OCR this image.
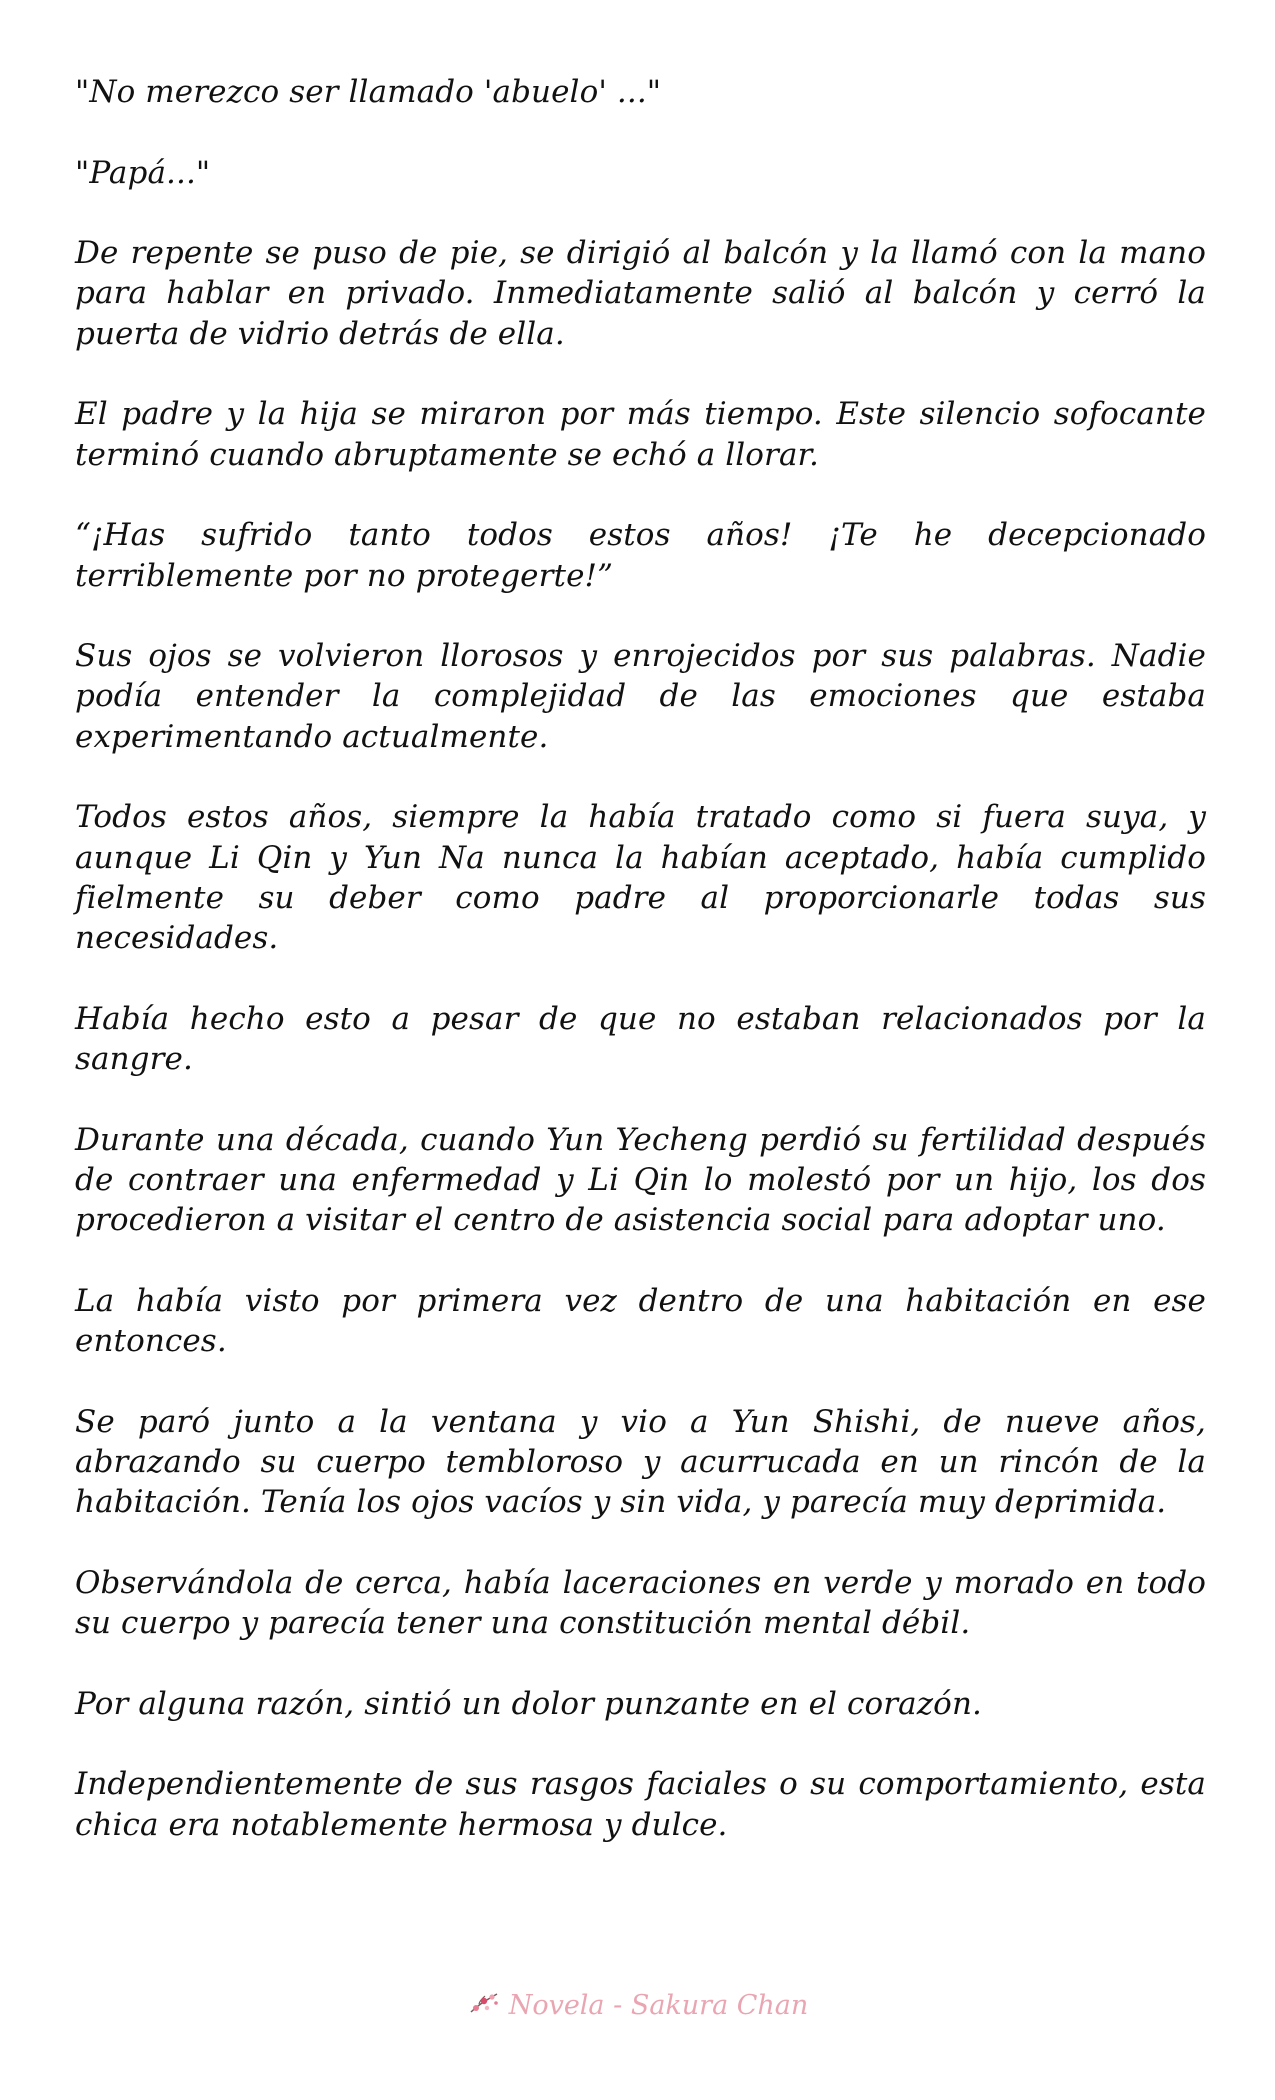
"No merezco ser llamado 'abuelo' ..."

"Papá..."

De repente se puso de pie, se dirigió al balcón y la llamó con la mano para hablar en privado. Inmediatamente salió al balcón y cerró la puerta de vidrio detrás de ella.

El padre y la hija se miraron por más tiempo. Este silencio sofocante terminó cuando abruptamente se echó a llorar.

“¡Has sufrido tanto todos estos años! ¡Te he decepcionado terriblemente por no protegerte!”

Sus ojos se volvieron llorosos y enrojecidos por sus palabras. Nadie podía entender la complejidad de las emociones que estaba experimentando actualmente.

Todos estos años, siempre la había tratado como si fuera suya, y aunque Li Qin y Yun Na nunca la habían aceptado, había cumplido fielmente su deber como padre al proporcionarle todas sus necesidades.

Había hecho esto a pesar de que no estaban relacionados por la sangre.

Durante una década, cuando Yun Yecheng perdió su fertilidad después de contraer una enfermedad y Li Qin lo molestó por un hijo, los dos procedieron a visitar el centro de asistencia social para adoptar uno.

La había visto por primera vez dentro de una habitación en ese entonces.

Se paró junto a la ventana y vio a Yun Shishi, de nueve años, abrazando su cuerpo tembloroso y acurrucada en un rincón de la habitación. Tenía los ojos vacíos y sin vida, y parecía muy deprimida.

Observándola de cerca, había laceraciones en verde y morado en todo su cuerpo y parecía tener una constitución mental débil.

Por alguna razón, sintió un dolor punzante en el corazón.

Independientemente de sus rasgos faciales o su comportamiento, esta chica era notablemente hermosa y dulce.

Novela - Sakura Chan
